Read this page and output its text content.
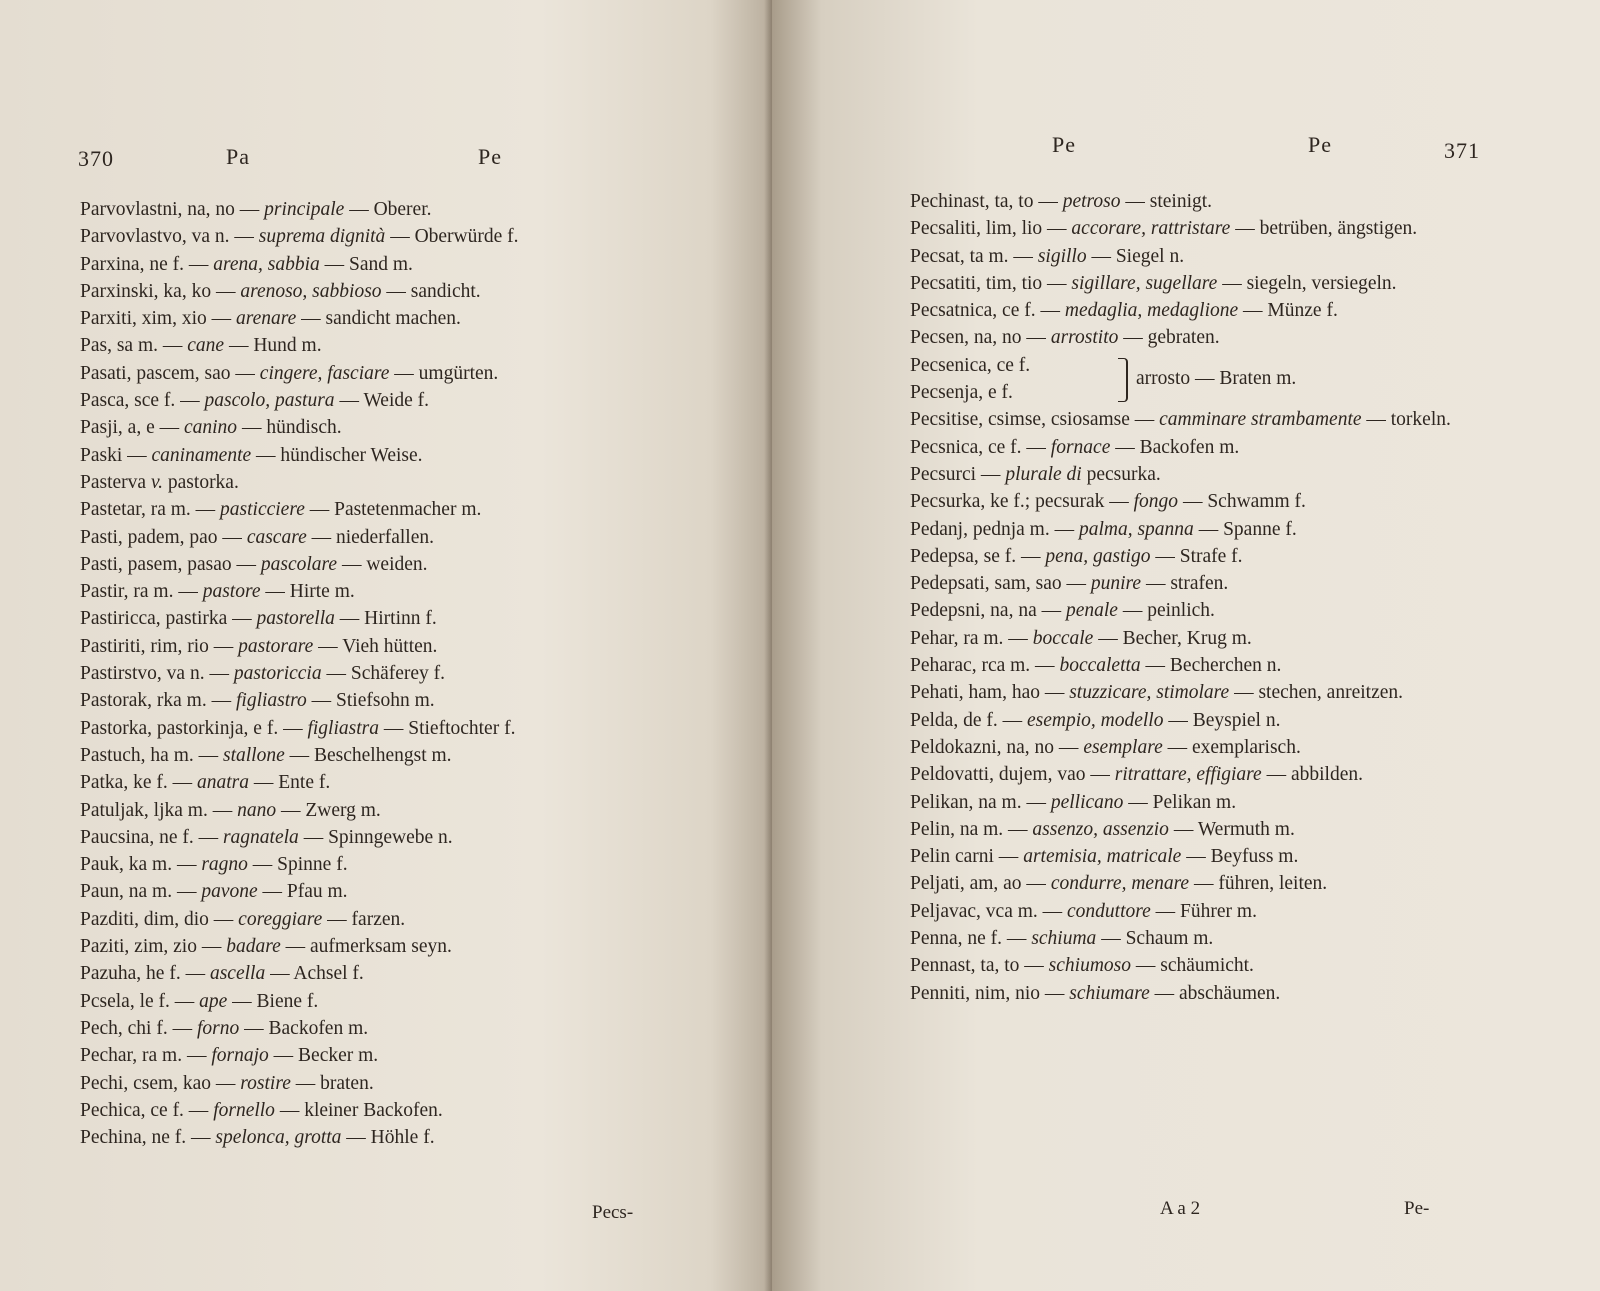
370	Pa	Pe

Parvovlastni, na, no — principale — Oberer.

Parvovlastvo, va n. — suprema dignità — Oberwürde f.

Parxina, ne f. — arena, sabbia — Sand m.

Parxinski, ka, ko — arenoso, sabbioso — sandicht.

Parxiti, xim, xio — arenare — sandicht machen.

Pas, sa m. — cane — Hund m.

Pasati, pascem, sao — cingere, fasciare — umgürten.

Pasca, sce f. — pascolo, pastura — Weide f.

Pasji, a, e — canino — hündisch.

Paski — caninamente — hündischer Weise.

Pasterva v. pastorka.

Pastetar, ra m. — pasticciere — Pastetenmacher m.

Pasti, padem, pao — cascare — niederfallen.

Pasti, pasem, pasao — pascolare — weiden.

Pastir, ra m. — pastore — Hirte m.

Pastiricca, pastirka — pastorella — Hirtinn f.

Pastiriti, rim, rio — pastorare — Vieh hütten.

Pastirstvo, va n. — pastoriccia — Schäferey f.

Pastorak, rka m. — figliastro — Stiefsohn m.

Pastorka, pastorkinja, e f. — figliastra — Stieftochter f.

Pastuch, ha m. — stallone — Beschelhengst m.

Patka, ke f. — anatra — Ente f.

Patuljak, ljka m. — nano — Zwerg m.

Paucsina, ne f. — ragnatela — Spinngewebe n.

Pauk, ka m. — ragno — Spinne f.

Paun, na m. — pavone — Pfau m.

Pazditi, dim, dio — coreggiare — farzen.

Paziti, zim, zio — badare — aufmerksam seyn.

Pazuha, he f. — ascella — Achsel f.

Pcsela, le f. — ape — Biene f.

Pech, chi f. — forno — Backofen m.

Pechar, ra m. — fornajo — Becker m.

Pechi, csem, kao — rostire — braten.

Pechica, ce f. — fornello — kleiner Backofen.

Pechina, ne f. — spelonca, grotta — Höhle f.

Pecs-
Pe	Pe	371
A a 2	Pe-

Pechinast, ta, to — petroso — steinigt.

Pecsaliti, lim, lio — accorare, rattristare — betrüben, ängstigen.

Pecsat, ta m. — sigillo — Siegel n.

Pecsatiti, tim, tio — sigillare, sugellare — siegeln, versiegeln.

Pecsatnica, ce f. — medaglia, medaglione — Münze f.

Pecsen, na, no — arrostito — gebraten.

Pecsenica, ce f.
Pecsenja, e f.
arrosto — Braten m.

Pecsitise, csimse, csiosamse — camminare strambamente — torkeln.

Pecsnica, ce f. — fornace — Backofen m.

Pecsurci — plurale di pecsurka.

Pecsurka, ke f.; pecsurak — fongo — Schwamm f.

Pedanj, pednja m. — palma, spanna — Spanne f.

Pedepsa, se f. — pena, gastigo — Strafe f.

Pedepsati, sam, sao — punire — strafen.

Pedepsni, na, na — penale — peinlich.

Pehar, ra m. — boccale — Becher, Krug m.

Peharac, rca m. — boccaletta — Becherchen n.

Pehati, ham, hao — stuzzicare, stimolare — stechen, anreitzen.

Pelda, de f. — esempio, modello — Beyspiel n.

Peldokazni, na, no — esemplare — exemplarisch.

Peldovatti, dujem, vao — ritrattare, effigiare — abbilden.

Pelikan, na m. — pellicano — Pelikan m.

Pelin, na m. — assenzo, assenzio — Wermuth m.

Pelin carni — artemisia, matricale — Beyfuss m.

Peljati, am, ao — condurre, menare — führen, leiten.

Peljavac, vca m. — conduttore — Führer m.

Penna, ne f. — schiuma — Schaum m.

Pennast, ta, to — schiumoso — schäumicht.

Penniti, nim, nio — schiumare — abschäumen.
